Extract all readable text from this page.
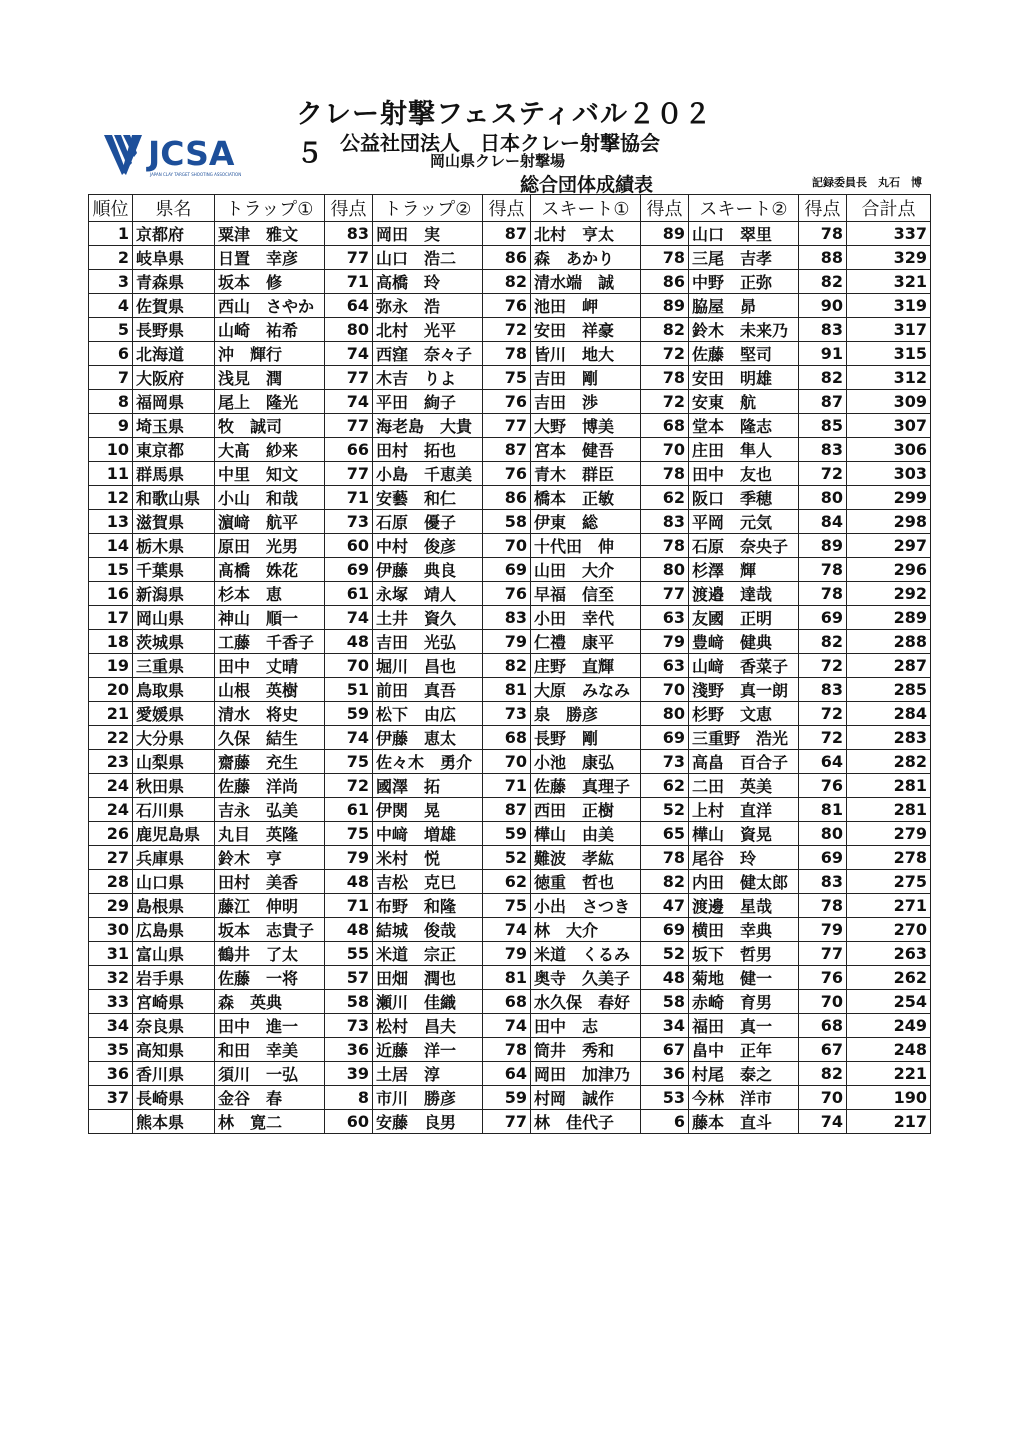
JCSA
JAPAN CLAY TARGET SHOOTING ASSOCIATION
クレー射撃フェスティバル２０２５ 公益社団法人　日本クレー射撃協会
岡山県クレー射撃場
総合団体成績表	記録委員長　丸石　博
順位	県名	トラップ①	得点	トラップ②	得点	スキート①	得点	スキート②	得点	合計点
1	京都府	粟津　雅文	83	岡田　実	87	北村　亨太	89	山口　翠里	78	337
2	岐阜県	日置　幸彦	77	山口　浩二	86	森　あかり	78	三尾　吉孝	88	329
3	青森県	坂本　修	71	高橋　玲	82	清水端　誠	86	中野　正弥	82	321
4	佐賀県	西山　さやか	64	弥永　浩	76	池田　岬	89	脇屋　昴	90	319
5	長野県	山崎　祐希	80	北村　光平	72	安田　祥豪	82	鈴木　未来乃	83	317
6	北海道	沖　輝行	74	西窪　奈々子	78	皆川　地大	72	佐藤　堅司	91	315
7	大阪府	浅見　潤	77	木吉　りよ	75	吉田　剛	78	安田　明雄	82	312
8	福岡県	尾上　隆光	74	平田　絢子	76	吉田　渉	72	安東　航	87	309
9	埼玉県	牧　誠司	77	海老島　大貴	77	大野　博美	68	堂本　隆志	85	307
10	東京都	大髙　紗来	66	田村　拓也	87	宮本　健吾	70	庄田　隼人	83	306
11	群馬県	中里　知文	77	小島　千恵美	76	青木　群臣	78	田中　友也	72	303
12	和歌山県	小山　和哉	71	安藝　和仁	86	橋本　正敏	62	阪口　季穂	80	299
13	滋賀県	濵﨑　航平	73	石原　優子	58	伊東　総	83	平岡　元気	84	298
14	栃木県	原田　光男	60	中村　俊彦	70	十代田　伸	78	石原　奈央子	89	297
15	千葉県	髙橋　姝花	69	伊藤　典良	69	山田　大介	80	杉澤　輝	78	296
16	新潟県	杉本　恵	61	永塚　靖人	76	早福　信至	77	渡邉　達哉	78	292
17	岡山県	神山　順一	74	土井　資久	83	小田　幸代	63	友國　正明	69	289
18	茨城県	工藤　千香子	48	吉田　光弘	79	仁禮　康平	79	豊﨑　健典	82	288
19	三重県	田中　丈晴	70	堀川　昌也	82	庄野　直輝	63	山﨑　香菜子	72	287
20	鳥取県	山根　英樹	51	前田　真吾	81	大原　みなみ	70	淺野　真一朗	83	285
21	愛媛県	清水　将史	59	松下　由広	73	泉　勝彦	80	杉野　文恵	72	284
22	大分県	久保　結生	74	伊藤　恵太	68	長野　剛	69	三重野　浩光	72	283
23	山梨県	齋藤　充生	75	佐々木　勇介	70	小池　康弘	73	高畠　百合子	64	282
24	秋田県	佐藤　洋尚	72	國澤　拓	71	佐藤　真理子	62	二田　英美	76	281
24	石川県	吉永　弘美	61	伊関　晃	87	西田　正樹	52	上村　直洋	81	281
26	鹿児島県	丸目　英隆	75	中﨑　増雄	59	樺山　由美	65	樺山　資晃	80	279
27	兵庫県	鈴木　亨	79	米村　悦	52	難波　孝紘	78	尾谷　玲	69	278
28	山口県	田村　美香	48	吉松　克巳	62	徳重　哲也	82	内田　健太郎	83	275
29	島根県	藤江　伸明	71	布野　和隆	75	小出　さつき	47	渡邊　星哉	78	271
30	広島県	坂本　志貴子	48	結城　俊哉	74	林　大介	69	横田　幸典	79	270
31	富山県	鶴井　了太	55	米道　宗正	79	米道　くるみ	52	坂下　哲男	77	263
32	岩手県	佐藤　一将	57	田畑　潤也	81	奥寺　久美子	48	菊地　健一	76	262
33	宮崎県	森　英典	58	瀬川　佳織	68	水久保　春好	58	赤崎　育男	70	254
34	奈良県	田中　進一	73	松村　昌夫	74	田中　志	34	福田　真一	68	249
35	高知県	和田　幸美	36	近藤　洋一	78	筒井　秀和	67	畠中　正年	67	248
36	香川県	須川　一弘	39	土居　淳	64	岡田　加津乃	36	村尾　泰之	82	221
37	長崎県	金谷　春	8	市川　勝彦	59	村岡　誠作	53	今林　洋市	70	190
	熊本県	林　寛二	60	安藤　良男	77	林　佳代子	6	藤本　直斗	74	217
